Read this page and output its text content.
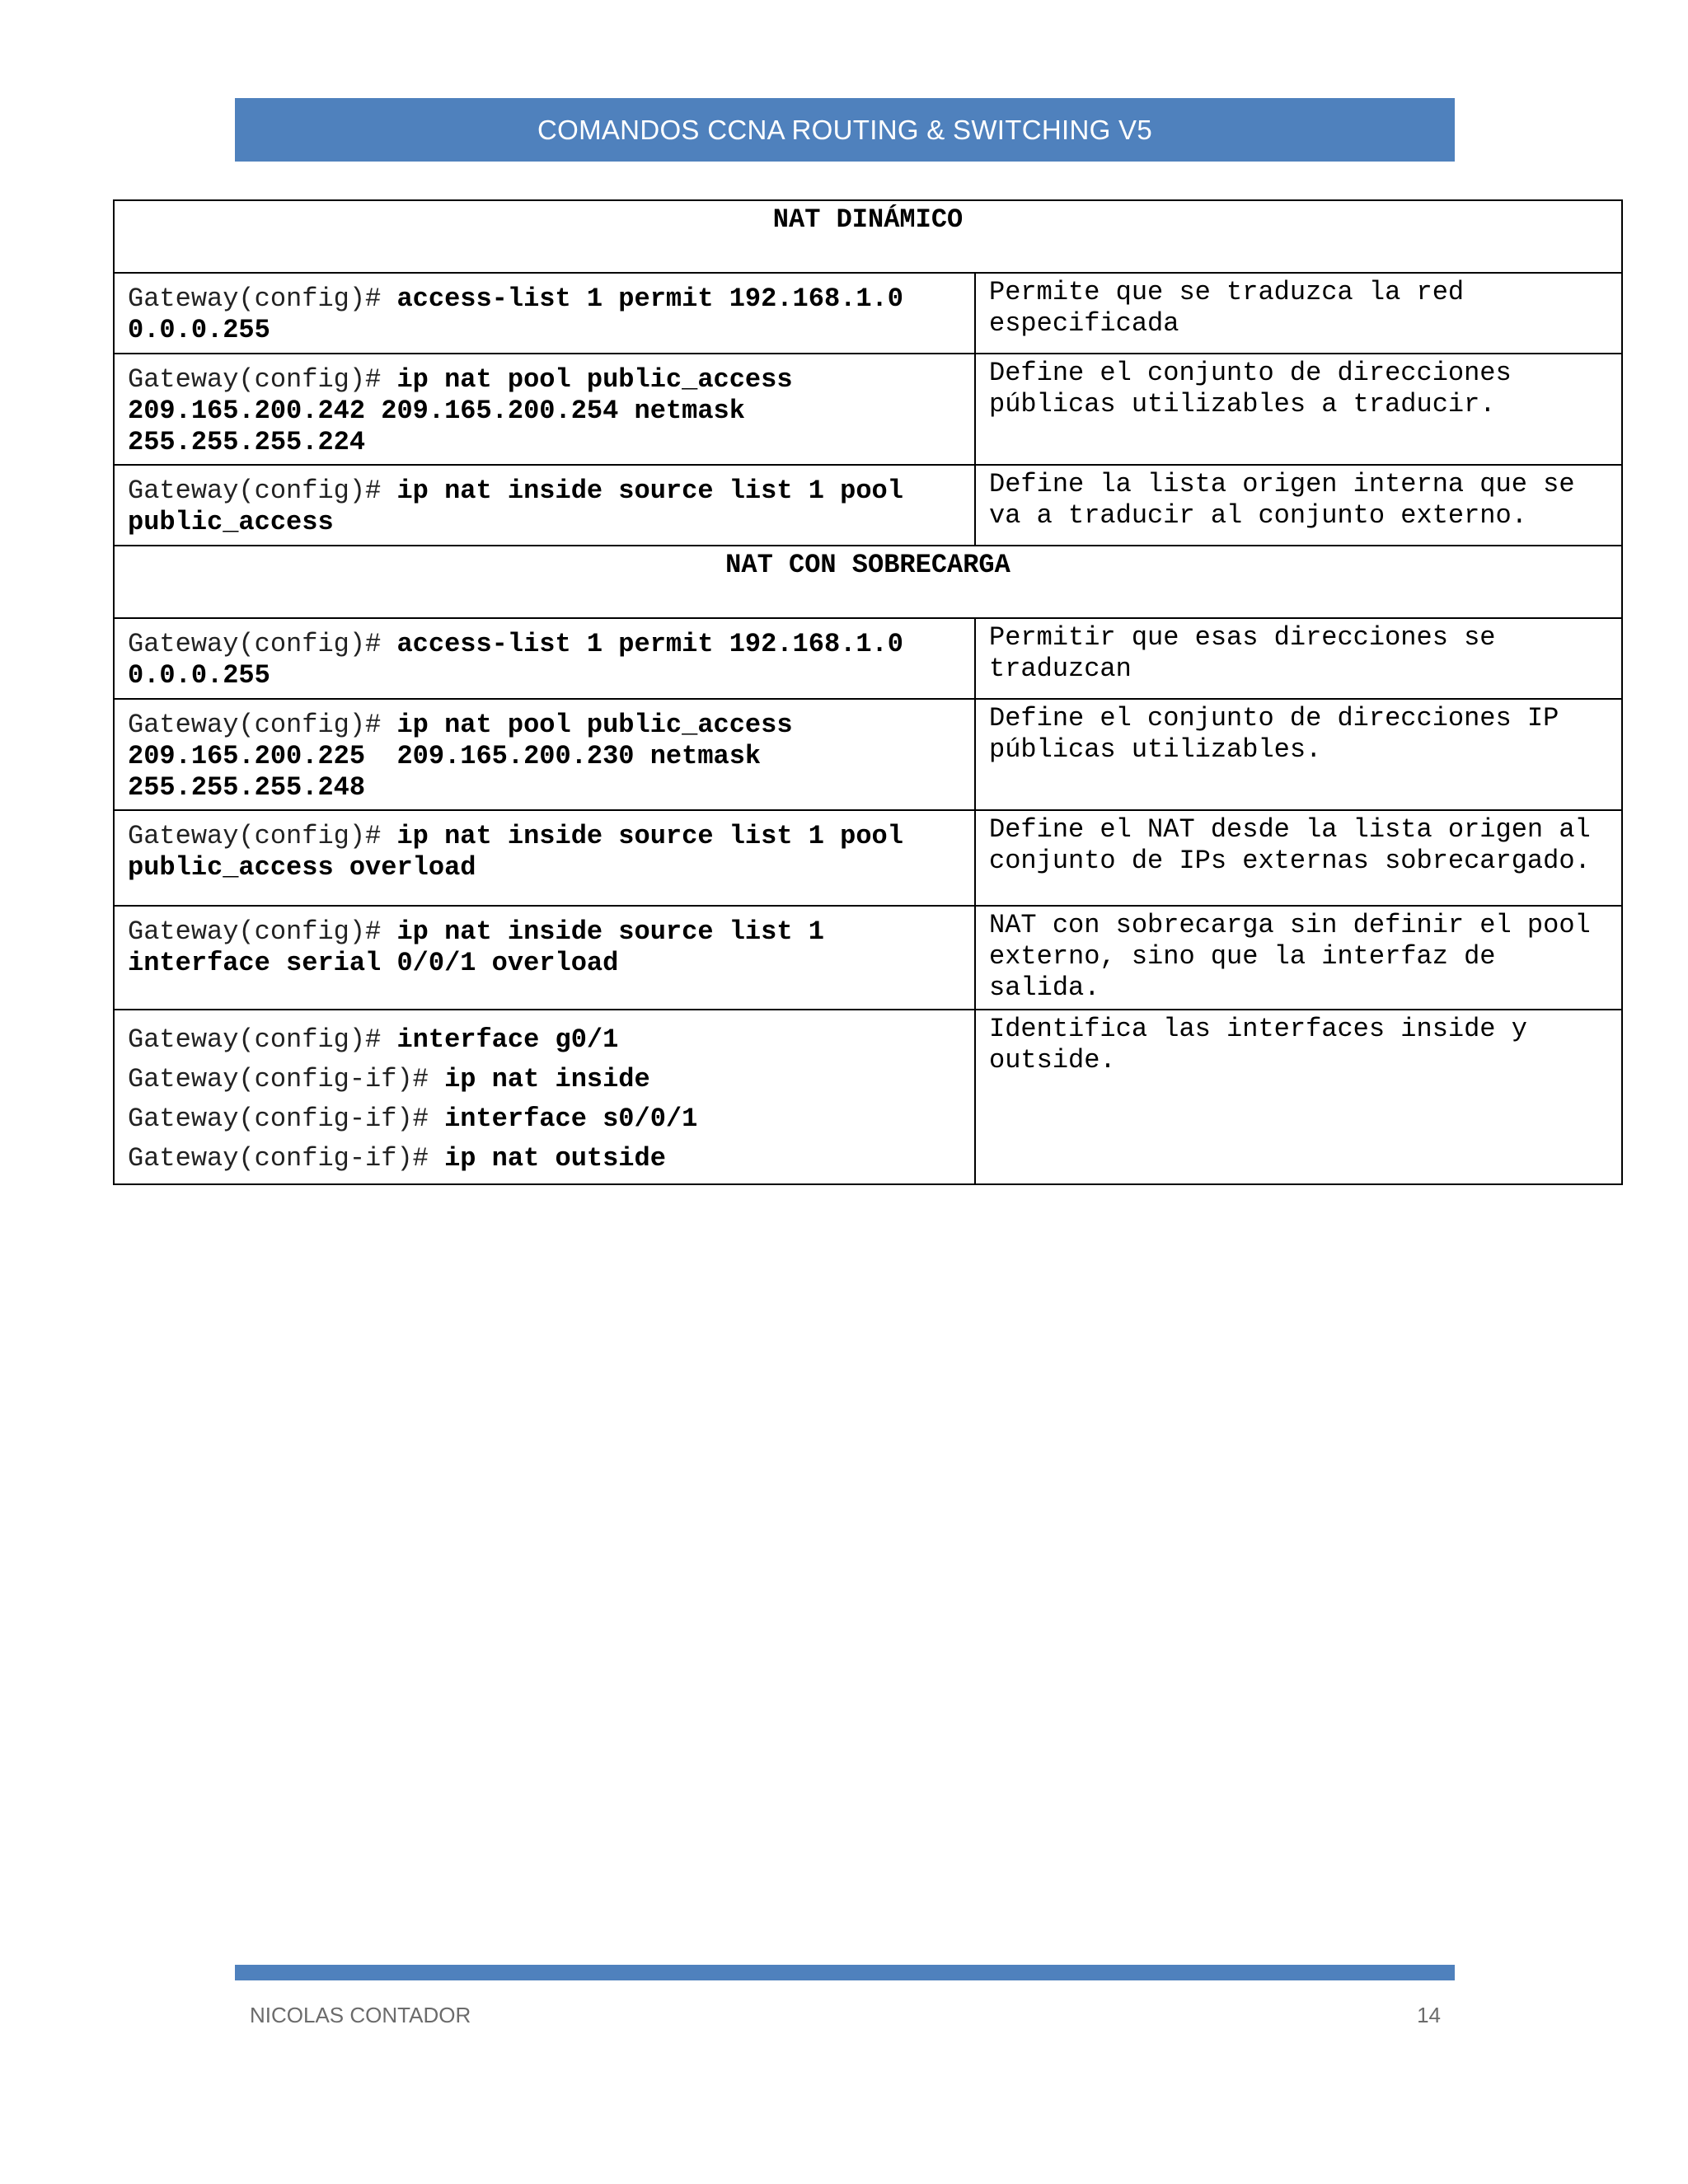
COMANDOS CCNA ROUTING & SWITCHING V5
NAT DINÁMICO	
Gateway(config)# access-list 1 permit 192.168.1.0 0.0.0.255	Permite que se traduzca la red especificada
Gateway(config)# ip nat pool public_access 209.165.200.242 209.165.200.254 netmask 255.255.255.224	Define el conjunto de direcciones públicas utilizables a traducir.
Gateway(config)# ip nat inside source list 1 pool public_access	Define la lista origen interna que se va a traducir al conjunto externo.
NAT CON SOBRECARGA	
Gateway(config)# access-list 1 permit 192.168.1.0 0.0.0.255	Permitir que esas direcciones se traduzcan
Gateway(config)# ip nat pool public_access 209.165.200.225  209.165.200.230 netmask 255.255.255.248	Define el conjunto de direcciones IP públicas utilizables.
Gateway(config)# ip nat inside source list 1 pool public_access overload	Define el NAT desde la lista origen al conjunto de IPs externas sobrecargado.
Gateway(config)# ip nat inside source list 1 interface serial 0/0/1 overload	NAT con sobrecarga sin definir el pool externo, sino que la interfaz de salida.

Gateway(config)# interface g0/1
Gateway(config-if)# ip nat inside
Gateway(config-if)# interface s0/0/1
Gateway(config-if)# ip nat outside	Identifica las interfaces inside y outside.
NICOLAS CONTADOR	14
